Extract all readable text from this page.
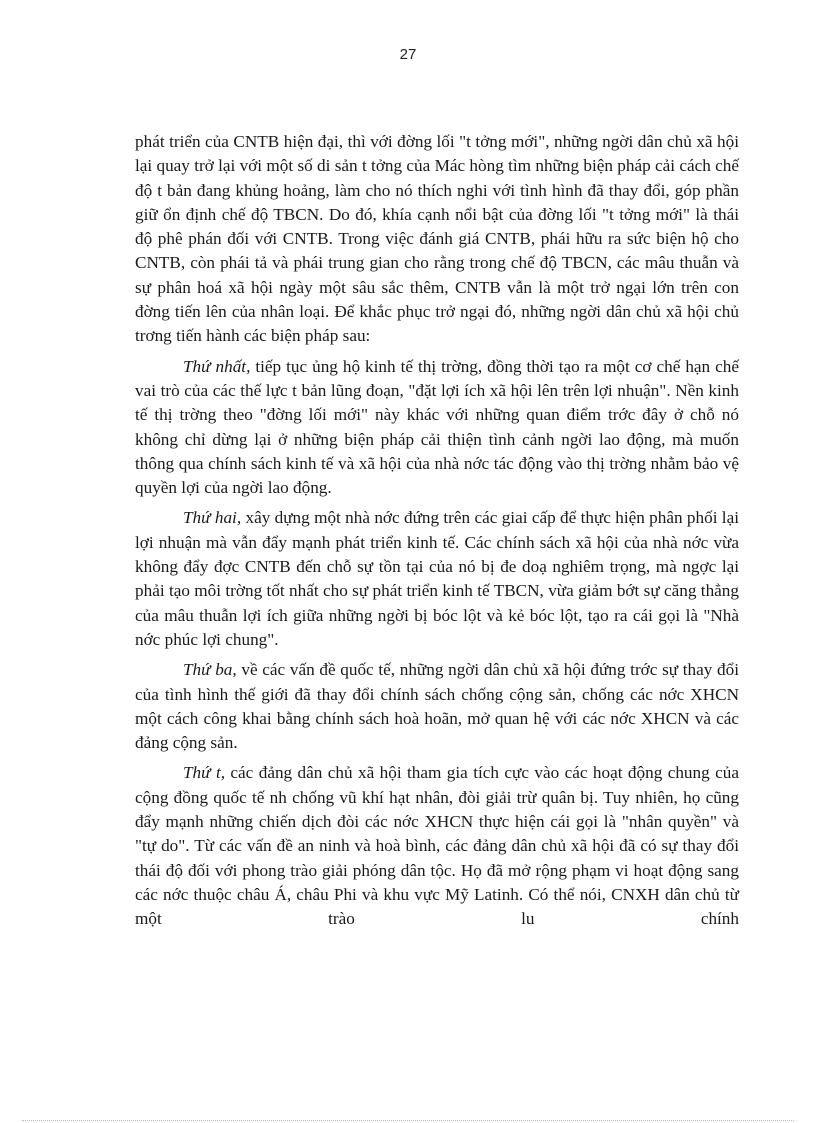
27

phát triển của CNTB hiện đại, thì với đờng lối "t tởng mới", những ngời dân chủ xã hội lại quay trở lại với một số di sản t tởng của Mác hòng tìm những biện pháp cải cách chế độ t bản đang khủng hoảng, làm cho nó thích nghi với tình hình đã thay đổi, góp phần giữ ổn định chế độ TBCN. Do đó, khía cạnh nổi bật của đờng lối "t tởng mới" là thái độ phê phán đối với CNTB. Trong việc đánh giá CNTB, phái hữu ra sức biện hộ cho CNTB, còn phái tả và phái trung gian cho rằng trong chế độ TBCN, các mâu thuẫn và sự phân hoá xã hội ngày một sâu sắc thêm, CNTB vẫn là một trở ngại lớn trên con đờng tiến lên của nhân loại. Để khắc phục trở ngại đó, những ngời dân chủ xã hội chủ trơng tiến hành các biện pháp sau:

Thứ nhất, tiếp tục ủng hộ kinh tế thị trờng, đồng thời tạo ra một cơ chế hạn chế vai trò của các thế lực t bản lũng đoạn, "đặt lợi ích xã hội lên trên lợi nhuận". Nền kinh tế thị trờng theo "đờng lối mới" này khác với những quan điểm trớc đây ở chỗ nó không chỉ dừng lại ở những biện pháp cải thiện tình cảnh ngời lao động, mà muốn thông qua chính sách kinh tế và xã hội của nhà nớc tác động vào thị trờng nhằm bảo vệ quyền lợi của ngời lao động.

Thứ hai, xây dựng một nhà nớc đứng trên các giai cấp để thực hiện phân phối lại lợi nhuận mà vẫn đẩy mạnh phát triển kinh tế. Các chính sách xã hội của nhà nớc vừa không đẩy đợc CNTB đến chỗ sự tồn tại của nó bị đe doạ nghiêm trọng, mà ngợc lại phải tạo môi trờng tốt nhất cho sự phát triển kinh tế TBCN, vừa giảm bớt sự căng thẳng của mâu thuẫn lợi ích giữa những ngời bị bóc lột và kẻ bóc lột, tạo ra cái gọi là "Nhà nớc phúc lợi chung".

Thứ ba, về các vấn đề quốc tế, những ngời dân chủ xã hội đứng trớc sự thay đổi của tình hình thế giới đã thay đổi chính sách chống cộng sản, chống các nớc XHCN một cách công khai bằng chính sách hoà hoãn, mở quan hệ với các nớc XHCN và các đảng cộng sản.

Thứ t, các đảng dân chủ xã hội tham gia tích cực vào các hoạt động chung của cộng đồng quốc tế nh chống vũ khí hạt nhân, đòi giải trừ quân bị. Tuy nhiên, họ cũng đẩy mạnh những chiến dịch đòi các nớc XHCN thực hiện cái gọi là "nhân quyền" và "tự do". Từ các vấn đề an ninh và hoà bình, các đảng dân chủ xã hội đã có sự thay đổi thái độ đối với phong trào giải phóng dân tộc. Họ đã mở rộng phạm vi hoạt động sang các nớc thuộc châu Á, châu Phi và khu vực Mỹ Latinh. Có thể nói, CNXH dân chủ từ một trào lu chính
